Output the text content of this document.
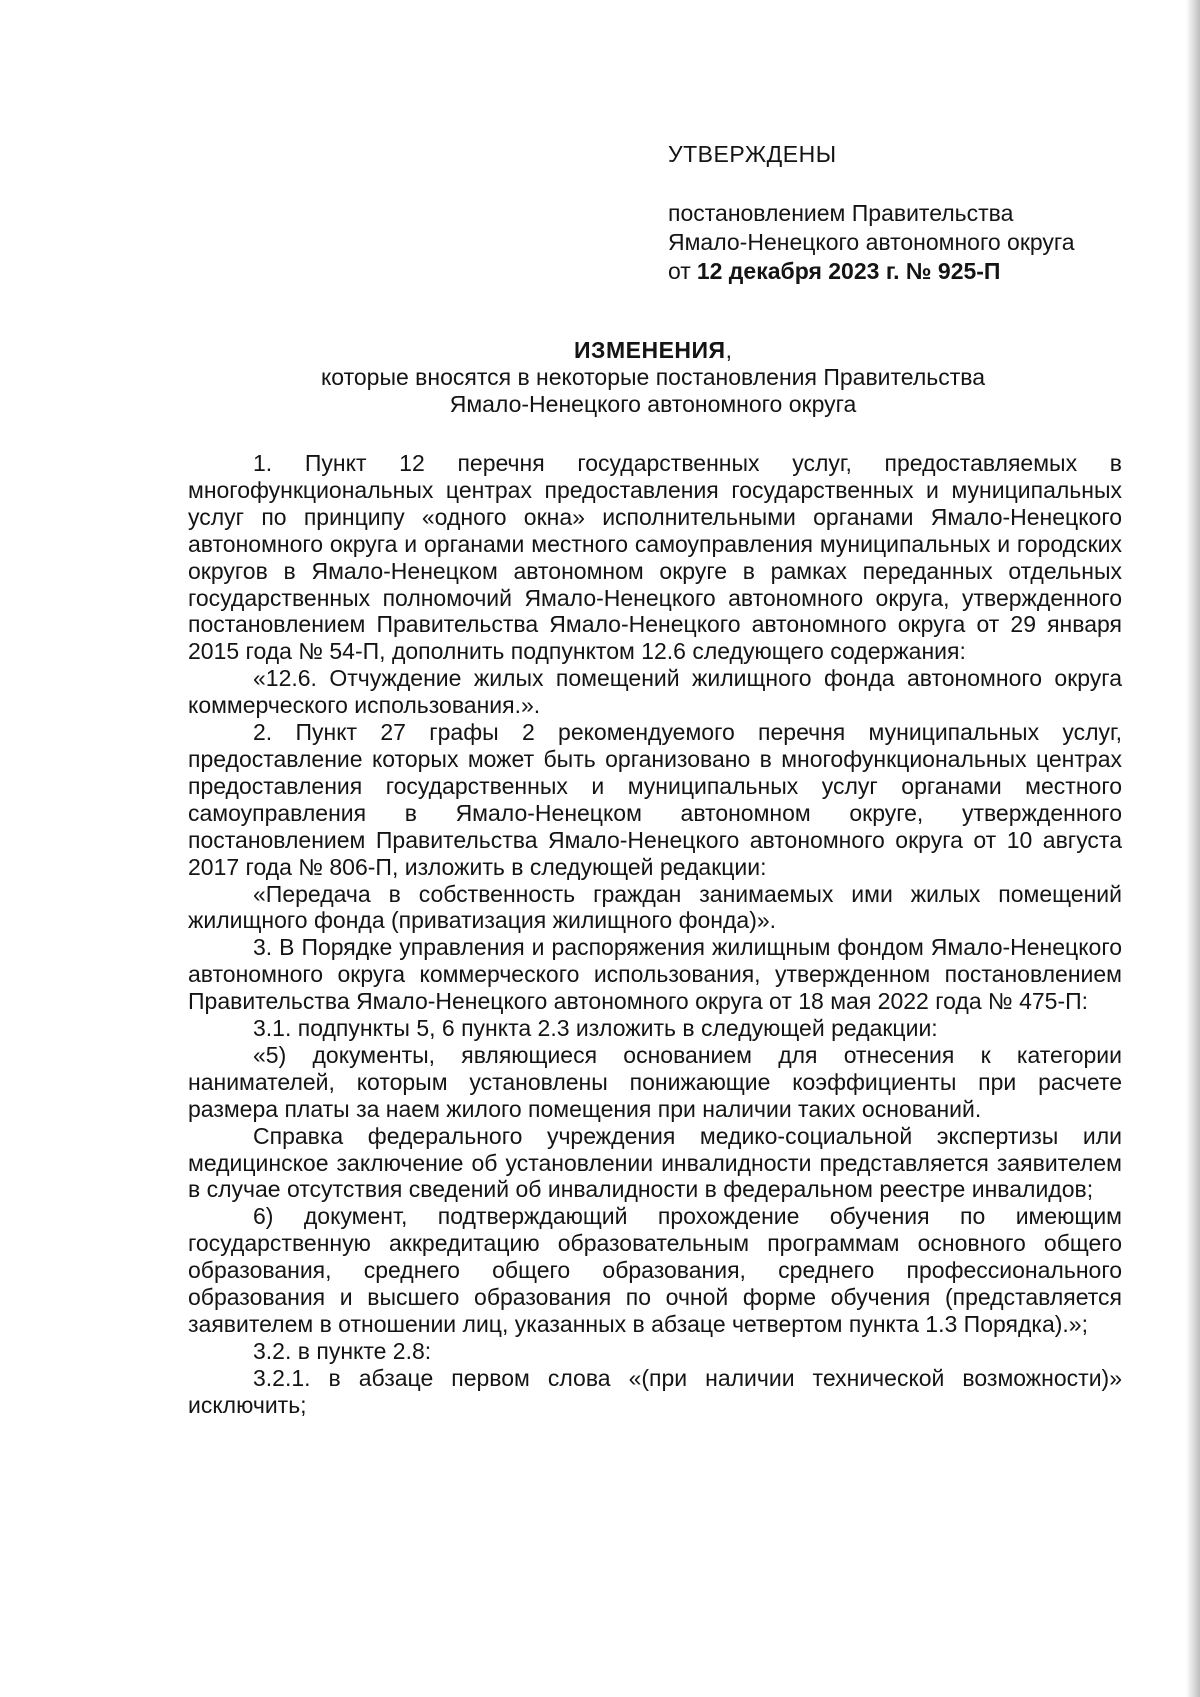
УТВЕРЖДЕНЫ
постановлением Правительства
Ямало-Ненецкого автономного округа
от 12 декабря 2023 г. № 925-П
ИЗМЕНЕНИЯ,
которые вносятся в некоторые постановления Правительства
Ямало-Ненецкого автономного округа

1. Пункт 12 перечня государственных услуг, предоставляемых в многофункциональных центрах предоставления государственных и муниципальных услуг по принципу «одного окна» исполнительными органами Ямало-Ненецкого автономного округа и органами местного самоуправления муниципальных и городских округов в Ямало-Ненецком автономном округе в рамках переданных отдельных государственных полномочий Ямало-Ненецкого автономного округа, утвержденного постановлением Правительства Ямало-Ненецкого автономного округа от 29 января 2015 года № 54-П, дополнить подпунктом 12.6 следующего содержания:

«12.6. Отчуждение жилых помещений жилищного фонда автономного округа коммерческого использования.».

2. Пункт 27 графы 2 рекомендуемого перечня муниципальных услуг, предоставление которых может быть организовано в многофункциональных центрах предоставления государственных и муниципальных услуг органами местного самоуправления в Ямало-Ненецком автономном округе, утвержденного постановлением Правительства Ямало-Ненецкого автономного округа от 10 августа 2017 года № 806-П, изложить в следующей редакции:

«Передача в собственность граждан занимаемых ими жилых помещений жилищного фонда (приватизация жилищного фонда)».

3. В Порядке управления и распоряжения жилищным фондом Ямало-Ненецкого автономного округа коммерческого использования, утвержденном постановлением Правительства Ямало-Ненецкого автономного округа от 18 мая 2022 года № 475-П:

3.1. подпункты 5, 6 пункта 2.3 изложить в следующей редакции:

«5) документы, являющиеся основанием для отнесения к категории нанимателей, которым установлены понижающие коэффициенты при расчете размера платы за наем жилого помещения при наличии таких оснований.

Справка федерального учреждения медико-социальной экспертизы или медицинское заключение об установлении инвалидности представляется заявителем в случае отсутствия сведений об инвалидности в федеральном реестре инвалидов;

6) документ, подтверждающий прохождение обучения по имеющим государственную аккредитацию образовательным программам основного общего образования, среднего общего образования, среднего профессионального образования и высшего образования по очной форме обучения (представляется заявителем в отношении лиц, указанных в абзаце четвертом пункта 1.3 Порядка).»;

3.2. в пункте 2.8:

3.2.1. в абзаце первом слова «(при наличии технической возможности)» исключить;
